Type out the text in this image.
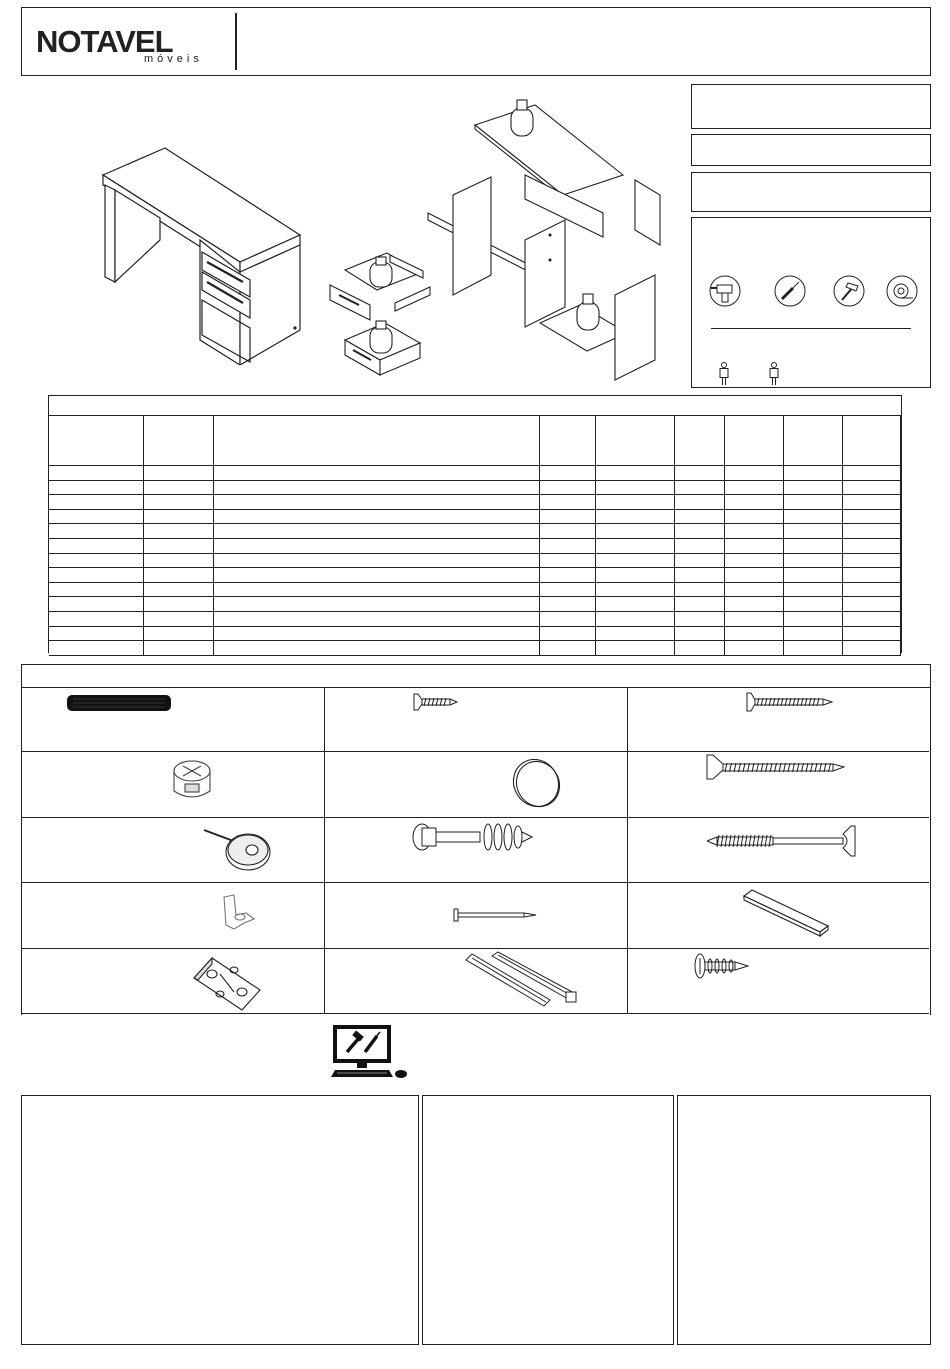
NOTAVEL
móveis
